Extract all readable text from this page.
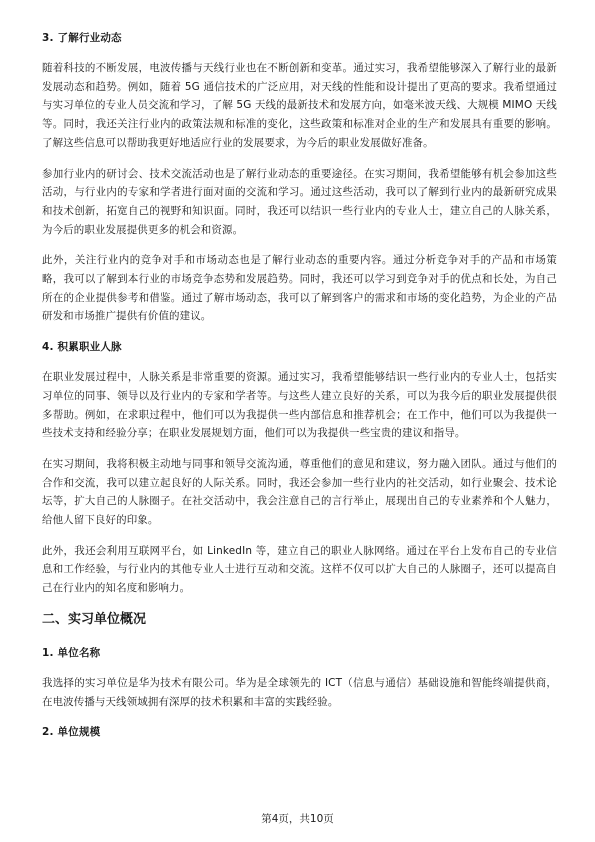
3. 了解行业动态

随着科技的不断发展，电波传播与天线行业也在不断创新和变革。通过实习，我希望能够深入了解行业的最新发展动态和趋势。例如，随着 5G 通信技术的广泛应用，对天线的性能和设计提出了更高的要求。我希望通过与实习单位的专业人员交流和学习，了解 5G 天线的最新技术和发展方向，如毫米波天线、大规模 MIMO 天线等。同时，我还关注行业内的政策法规和标准的变化，这些政策和标准对企业的生产和发展具有重要的影响。了解这些信息可以帮助我更好地适应行业的发展要求，为今后的职业发展做好准备。

参加行业内的研讨会、技术交流活动也是了解行业动态的重要途径。在实习期间，我希望能够有机会参加这些活动，与行业内的专家和学者进行面对面的交流和学习。通过这些活动，我可以了解到行业内的最新研究成果和技术创新，拓宽自己的视野和知识面。同时，我还可以结识一些行业内的专业人士，建立自己的人脉关系，为今后的职业发展提供更多的机会和资源。

此外，关注行业内的竞争对手和市场动态也是了解行业动态的重要内容。通过分析竞争对手的产品和市场策略，我可以了解到本行业的市场竞争态势和发展趋势。同时，我还可以学习到竞争对手的优点和长处，为自己所在的企业提供参考和借鉴。通过了解市场动态，我可以了解到客户的需求和市场的变化趋势，为企业的产品研发和市场推广提供有价值的建议。

4. 积累职业人脉

在职业发展过程中，人脉关系是非常重要的资源。通过实习，我希望能够结识一些行业内的专业人士，包括实习单位的同事、领导以及行业内的专家和学者等。与这些人建立良好的关系，可以为我今后的职业发展提供很多帮助。例如，在求职过程中，他们可以为我提供一些内部信息和推荐机会；在工作中，他们可以为我提供一些技术支持和经验分享；在职业发展规划方面，他们可以为我提供一些宝贵的建议和指导。

在实习期间，我将积极主动地与同事和领导交流沟通，尊重他们的意见和建议，努力融入团队。通过与他们的合作和交流，我可以建立起良好的人际关系。同时，我还会参加一些行业内的社交活动，如行业聚会、技术论坛等，扩大自己的人脉圈子。在社交活动中，我会注意自己的言行举止，展现出自己的专业素养和个人魅力，给他人留下良好的印象。

此外，我还会利用互联网平台，如 LinkedIn 等，建立自己的职业人脉网络。通过在平台上发布自己的专业信息和工作经验，与行业内的其他专业人士进行互动和交流。这样不仅可以扩大自己的人脉圈子，还可以提高自己在行业内的知名度和影响力。

二、实习单位概况
1. 单位名称

我选择的实习单位是华为技术有限公司。华为是全球领先的 ICT（信息与通信）基础设施和智能终端提供商，在电波传播与天线领域拥有深厚的技术积累和丰富的实践经验。

2. 单位规模
第4页，共10页
